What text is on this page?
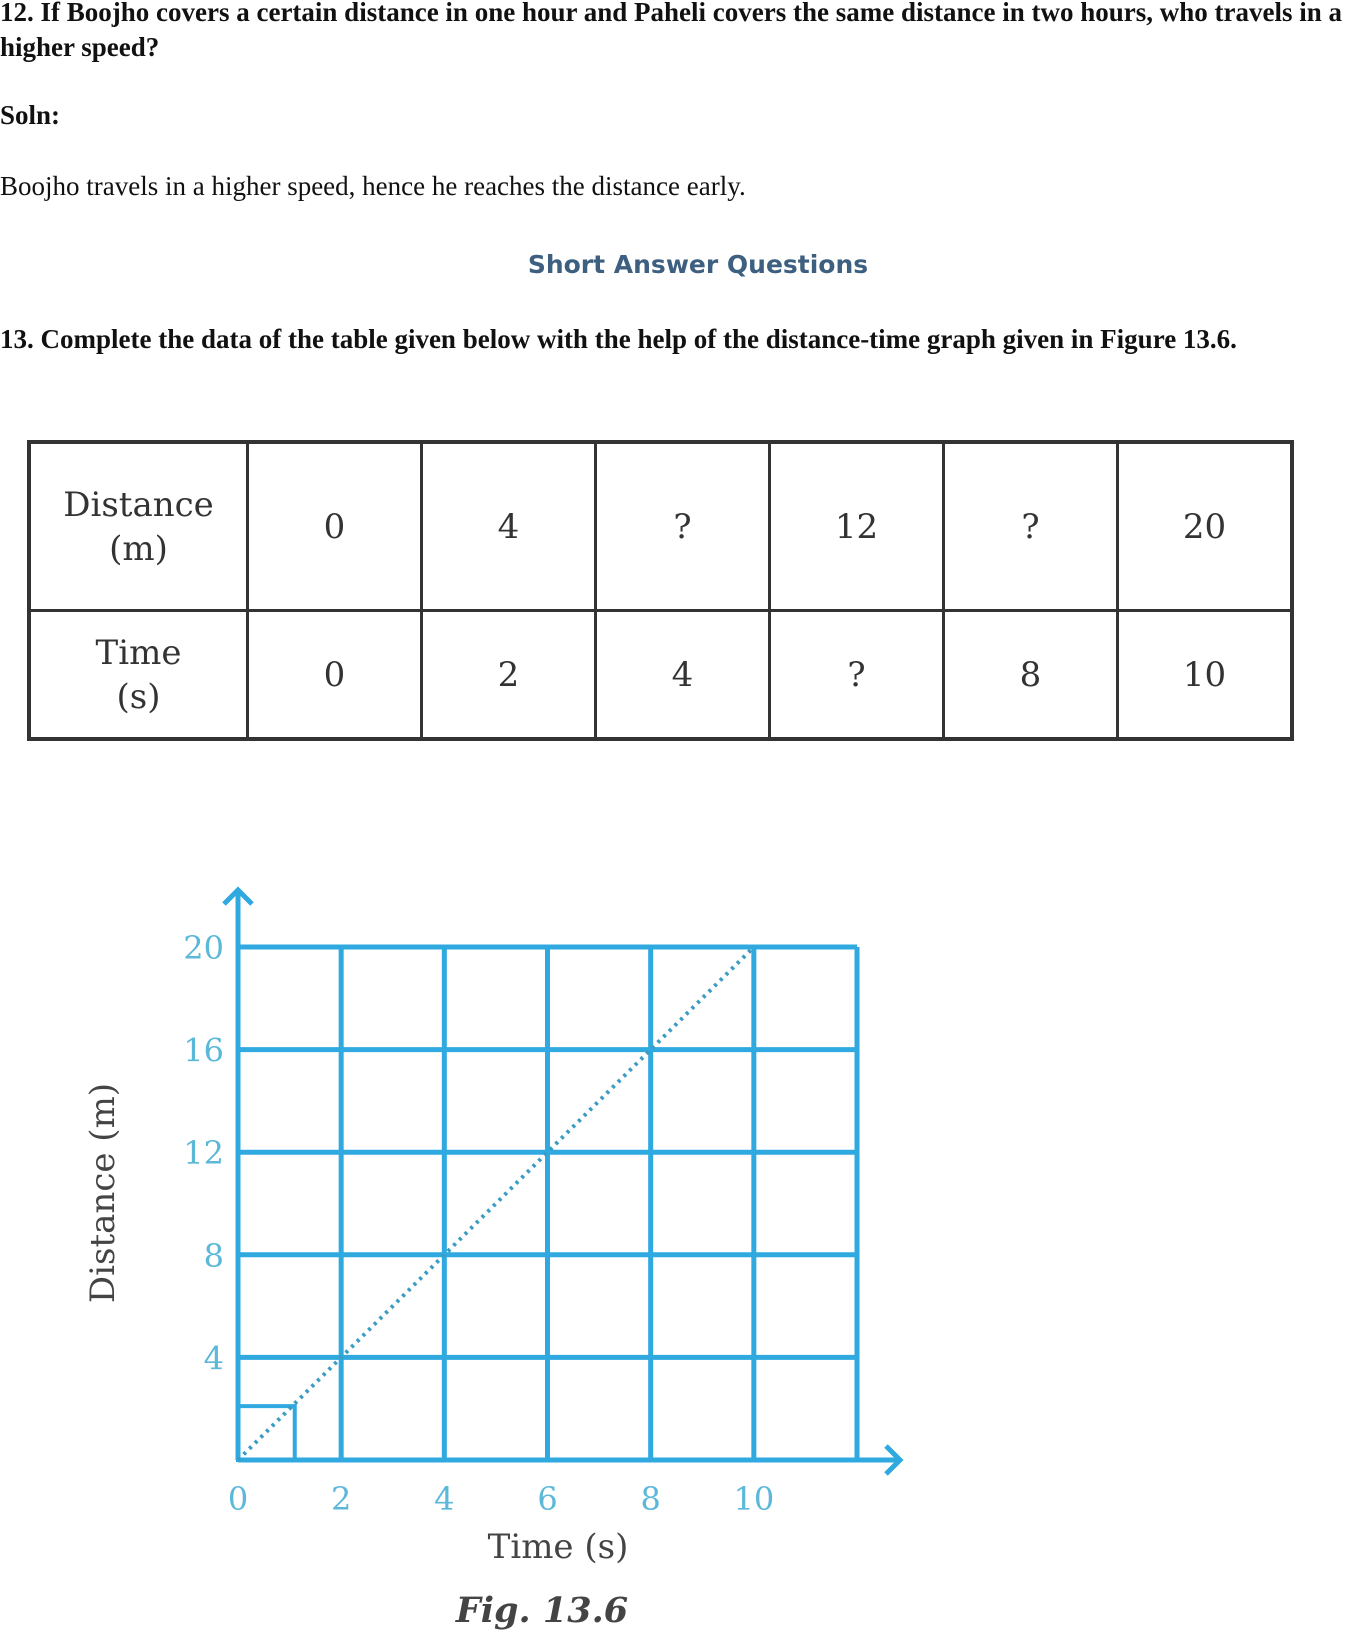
12. If Boojho covers a certain distance in one hour and Paheli covers the same distance in two hours, who travels in a higher speed?
Soln:
Boojho travels in a higher speed, hence he reaches the distance early.
Short Answer Questions
13. Complete the data of the table given below with the help of the distance-time graph given in Figure 13.6.
Distance
(m)	0	4	?	12	?	20
Time
(s)	0	2	4	?	8	10
0	2	4	6	8 10
4
8
12
16
20
Time (s)
Distance (m)
Fig. 13.6
